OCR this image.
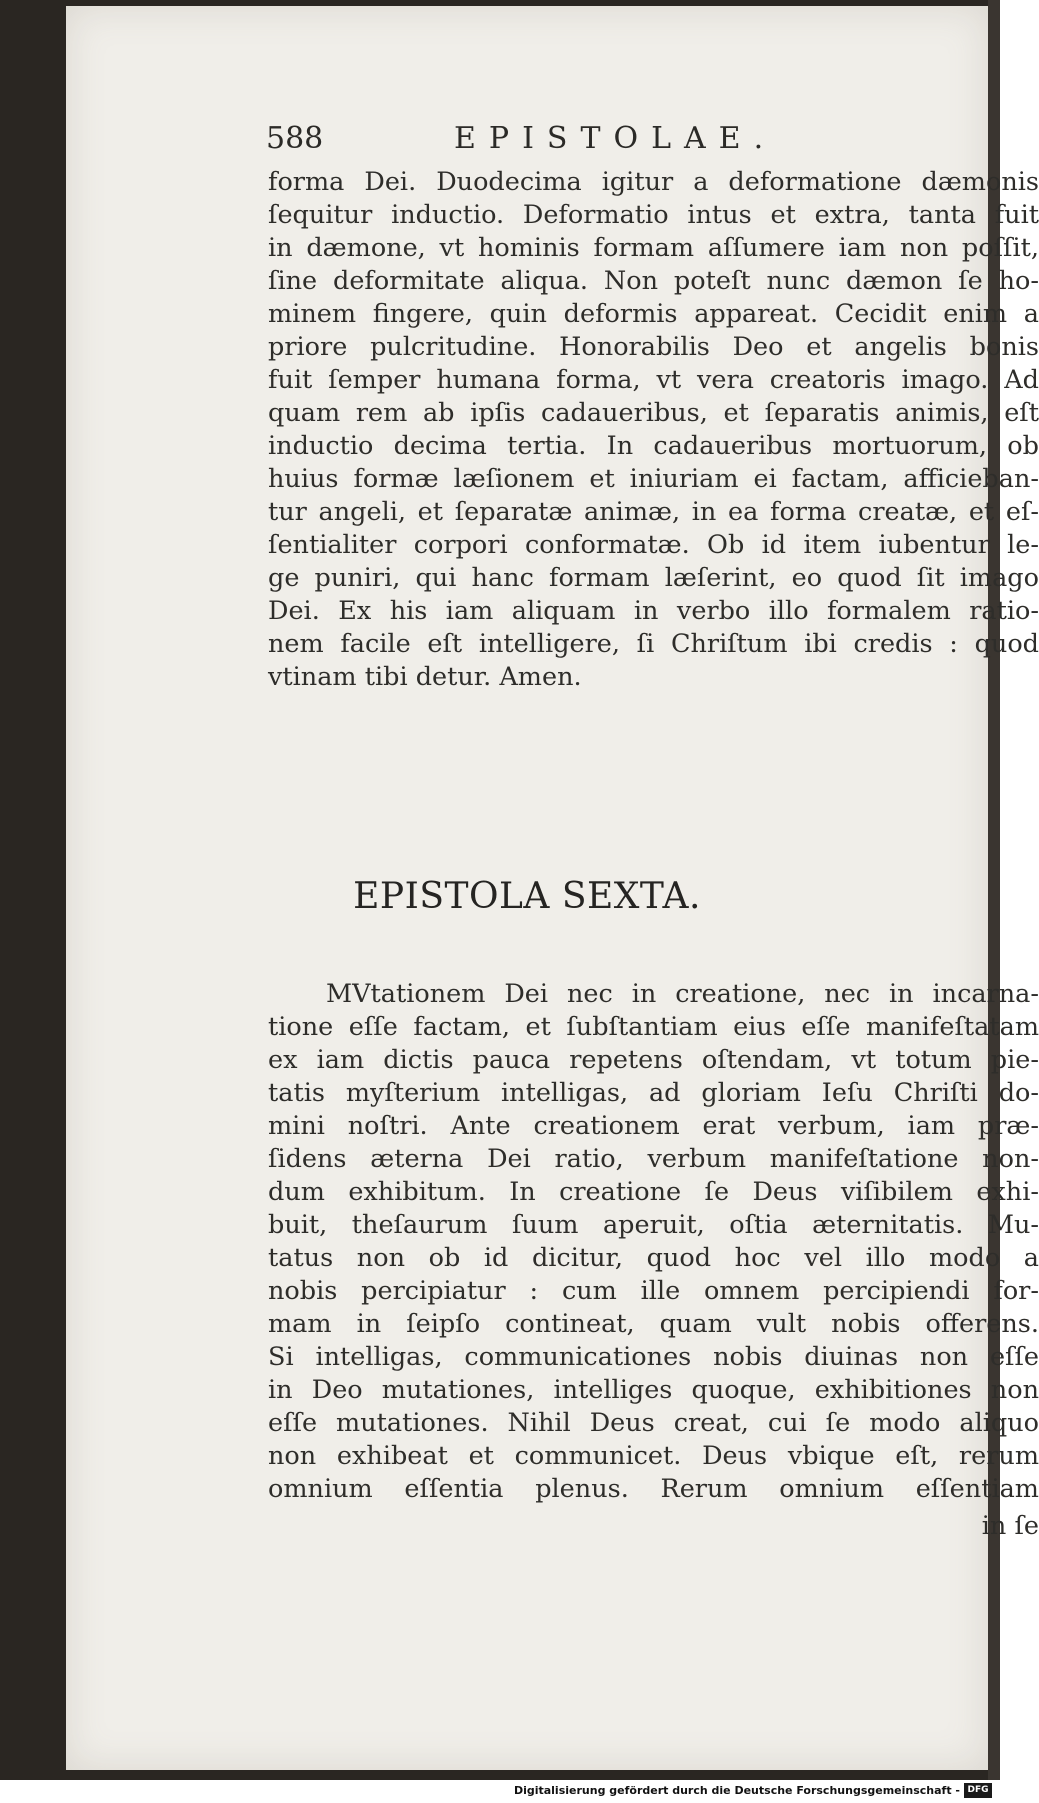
588	EPISTOLAE.
forma Dei. Duodecima igitur a deformatione dæmonis
ſequitur inductio. Deformatio intus et extra, tanta fuit
in dæmone, vt hominis formam aſſumere iam non poſſit,
ſine deformitate aliqua. Non poteſt nunc dæmon ſe ho-
minem fingere, quin deformis appareat. Cecidit enim a
priore pulcritudine. Honorabilis Deo et angelis bonis
fuit ſemper humana forma, vt vera creatoris imago. Ad
quam rem ab ipſis cadaueribus, et ſeparatis animis, eſt
inductio decima tertia. In cadaueribus mortuorum, ob
huius formæ læſionem et iniuriam ei factam, afficieban-
tur angeli, et ſeparatæ animæ, in ea forma creatæ, et eſ-
ſentialiter corpori conformatæ. Ob id item iubentur le-
ge puniri, qui hanc formam læſerint, eo quod ſit imago
Dei. Ex his iam aliquam in verbo illo formalem ratio-
nem facile eſt intelligere, ſi Chriſtum ibi credis : quod
vtinam tibi detur. Amen.
EPISTOLA SEXTA.
MVtationem Dei nec in creatione, nec in incarna-
tione eſſe factam, et ſubſtantiam eius eſſe manifeſtatam
ex iam dictis pauca repetens oſtendam, vt totum pie-
tatis myſterium intelligas, ad gloriam Ieſu Chriſti do-
mini noſtri. Ante creationem erat verbum, iam præ-
ſidens æterna Dei ratio, verbum manifeſtatione non-
dum exhibitum. In creatione ſe Deus viſibilem exhi-
buit, theſaurum ſuum aperuit, oſtia æternitatis. Mu-
tatus non ob id dicitur, quod hoc vel illo modo a
nobis percipiatur : cum ille omnem percipiendi for-
mam in ſeipſo contineat, quam vult nobis offerens.
Si intelligas, communicationes nobis diuinas non eſſe
in Deo mutationes, intelliges quoque, exhibitiones non
eſſe mutationes. Nihil Deus creat, cui ſe modo aliquo
non exhibeat et communicet. Deus vbique eſt, rerum
omnium eſſentia plenus. Rerum omnium eſſentiam
in ſe
Digitalisierung gefördert durch die Deutsche Forschungsgemeinschaft - DFG
